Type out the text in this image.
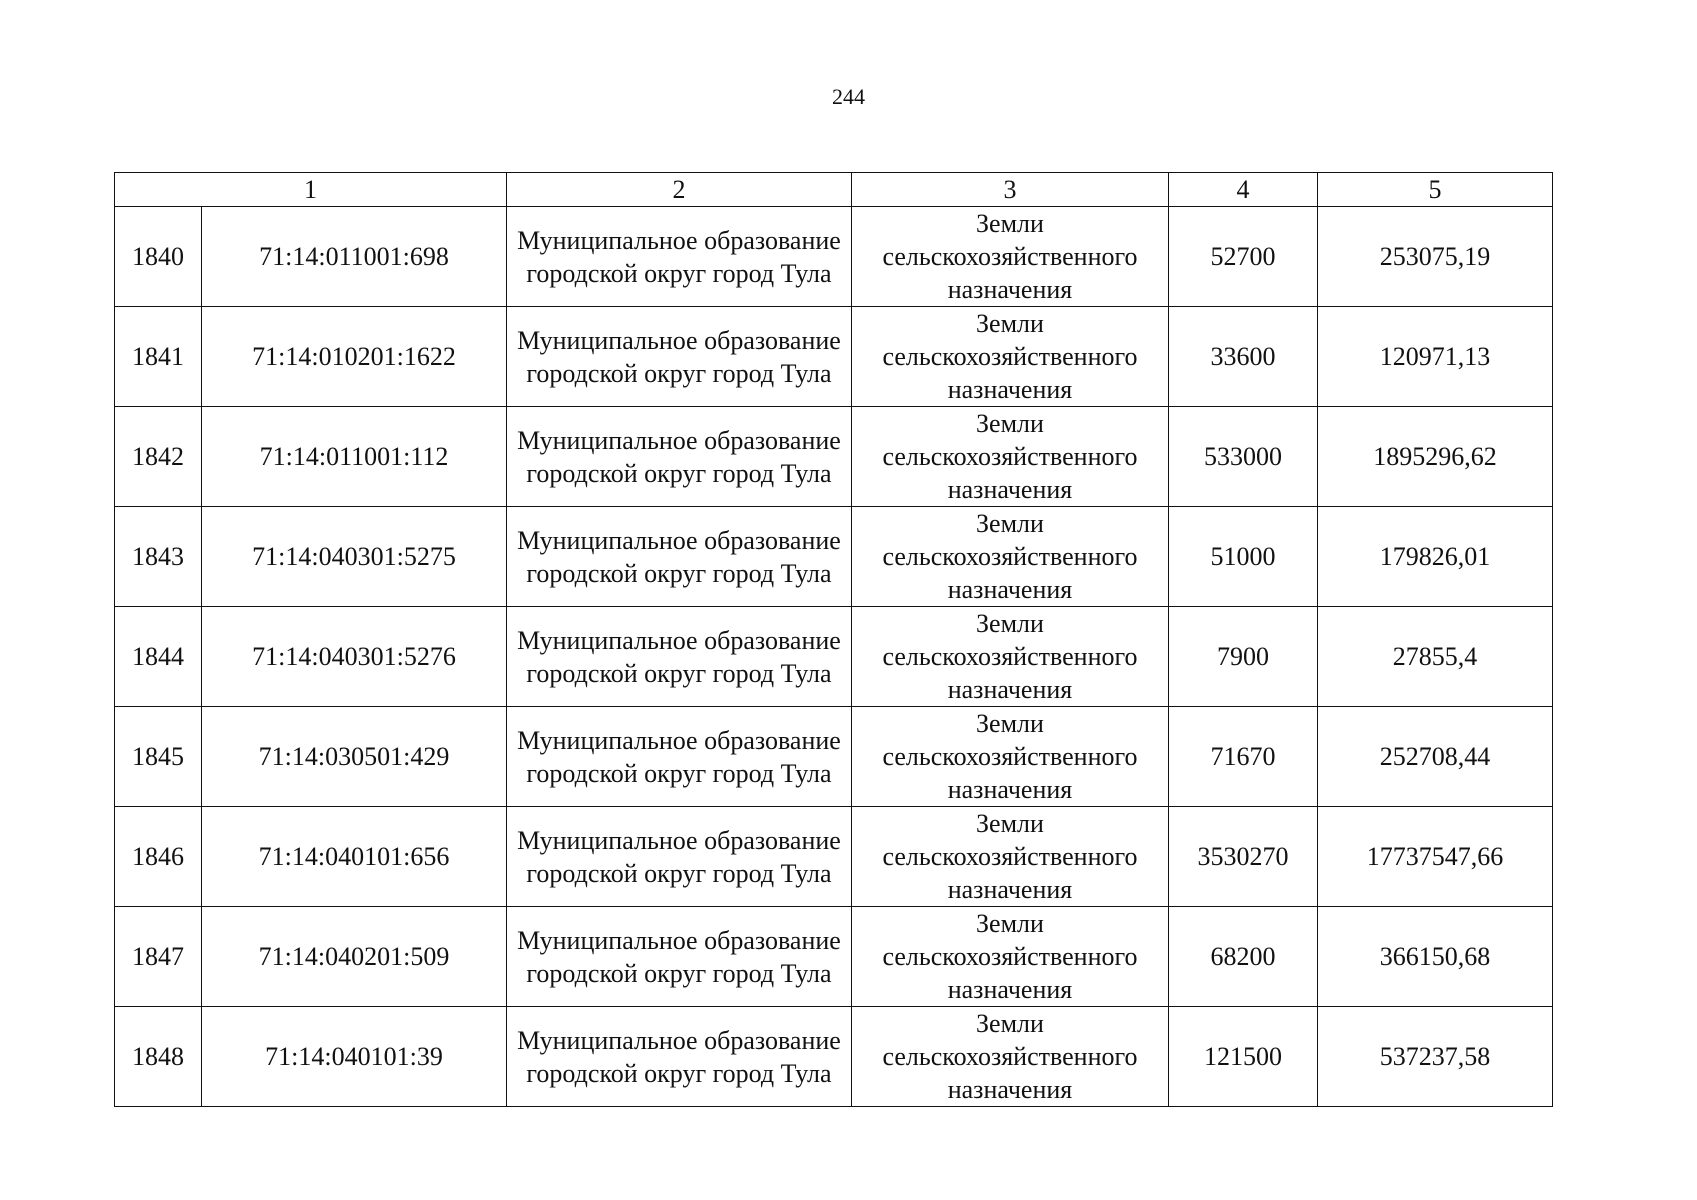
244
1		2	3	4	5
1840	71:14:011001:698	Муниципальное образование городской округ город Тула	Земли сельскохозяйственного назначения	52700	253075,19
1841	71:14:010201:1622	Муниципальное образование городской округ город Тула	Земли сельскохозяйственного назначения	33600	120971,13
1842	71:14:011001:112	Муниципальное образование городской округ город Тула	Земли сельскохозяйственного назначения	533000	1895296,62
1843	71:14:040301:5275	Муниципальное образование городской округ город Тула	Земли сельскохозяйственного назначения	51000	179826,01
1844	71:14:040301:5276	Муниципальное образование городской округ город Тула	Земли сельскохозяйственного назначения	7900	27855,4
1845	71:14:030501:429	Муниципальное образование городской округ город Тула	Земли сельскохозяйственного назначения	71670	252708,44
1846	71:14:040101:656	Муниципальное образование городской округ город Тула	Земли сельскохозяйственного назначения	3530270	17737547,66
1847	71:14:040201:509	Муниципальное образование городской округ город Тула	Земли сельскохозяйственного назначения	68200	366150,68
1848	71:14:040101:39	Муниципальное образование городской округ город Тула	Земли сельскохозяйственного назначения	121500	537237,58
